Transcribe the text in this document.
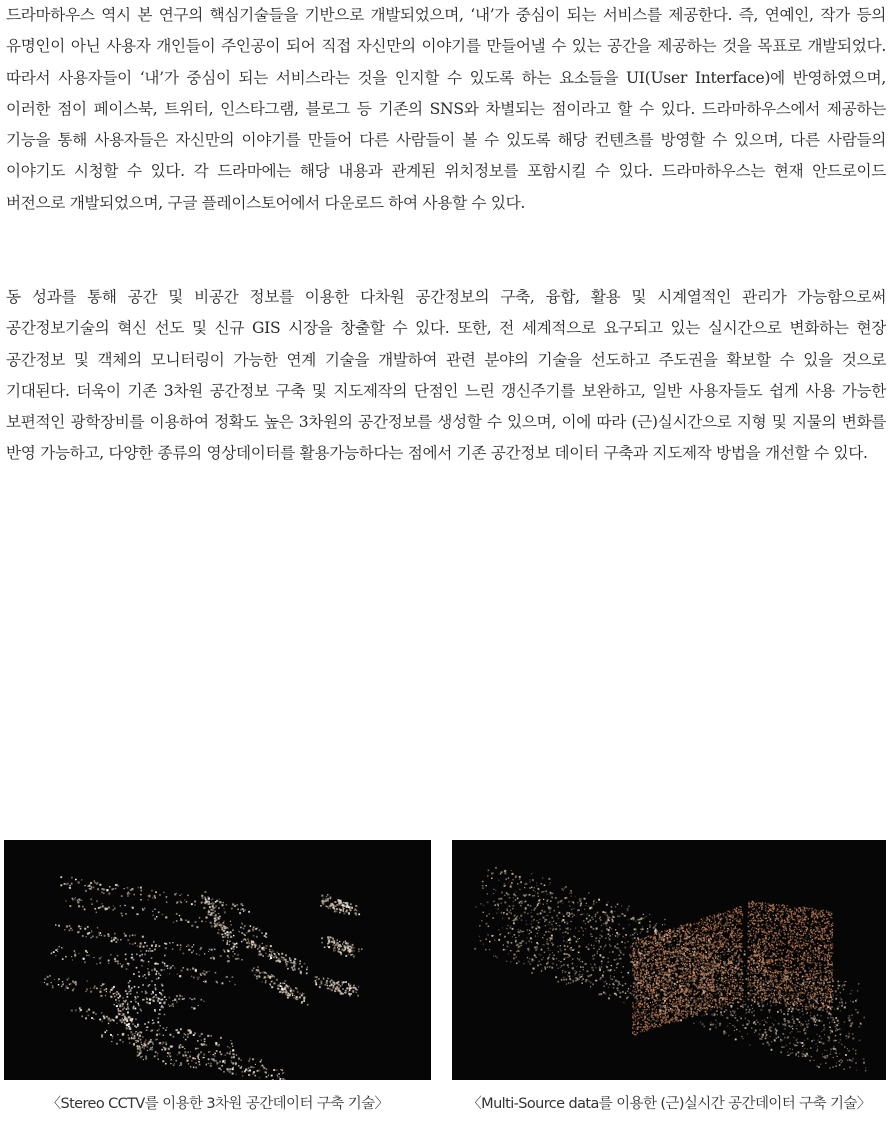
드라마하우스 역시 본 연구의 핵심기술들을 기반으로 개발되었으며, ‘내’가 중심이 되는 서비스를 제공한다. 즉, 연예인, 작가 등의 유명인이 아닌 사용자 개인들이 주인공이 되어 직접 자신만의 이야기를 만들어낼 수 있는 공간을 제공하는 것을 목표로 개발되었다. 따라서 사용자들이 ‘내’가 중심이 되는 서비스라는 것을 인지할 수 있도록 하는 요소들을 UI(User Interface)에 반영하였으며, 이러한 점이 페이스북, 트위터, 인스타그램, 블로그 등 기존의 SNS와 차별되는 점이라고 할 수 있다. 드라마하우스에서 제공하는 기능을 통해 사용자들은 자신만의 이야기를 만들어 다른 사람들이 볼 수 있도록 해당 컨텐츠를 방영할 수 있으며, 다른 사람들의 이야기도 시청할 수 있다. 각 드라마에는 해당 내용과 관계된 위치정보를 포함시킬 수 있다. 드라마하우스는 현재 안드로이드 버전으로 개발되었으며, 구글 플레이스토어에서 다운로드 하여 사용할 수 있다.

동 성과를 통해 공간 및 비공간 정보를 이용한 다차원 공간정보의 구축, 융합, 활용 및 시계열적인 관리가 가능함으로써 공간정보기술의 혁신 선도 및 신규 GIS 시장을 창출할 수 있다. 또한, 전 세계적으로 요구되고 있는 실시간으로 변화하는 현장 공간정보 및 객체의 모니터링이 가능한 연계 기술을 개발하여 관련 분야의 기술을 선도하고 주도권을 확보할 수 있을 것으로 기대된다. 더욱이 기존 3차원 공간정보 구축 및 지도제작의 단점인 느린 갱신주기를 보완하고, 일반 사용자들도 쉽게 사용 가능한 보편적인 광학장비를 이용하여 정확도 높은 3차원의 공간정보를 생성할 수 있으며, 이에 따라 (근)실시간으로 지형 및 지물의 변화를 반영 가능하고, 다양한 종류의 영상데이터를 활용가능하다는 점에서 기존 공간정보 데이터 구축과 지도제작 방법을 개선할 수 있다.

〈Stereo CCTV를 이용한 3차원 공간데이터 구축 기술〉	〈Multi-Source data를 이용한 (근)실시간 공간데이터 구축 기술〉
